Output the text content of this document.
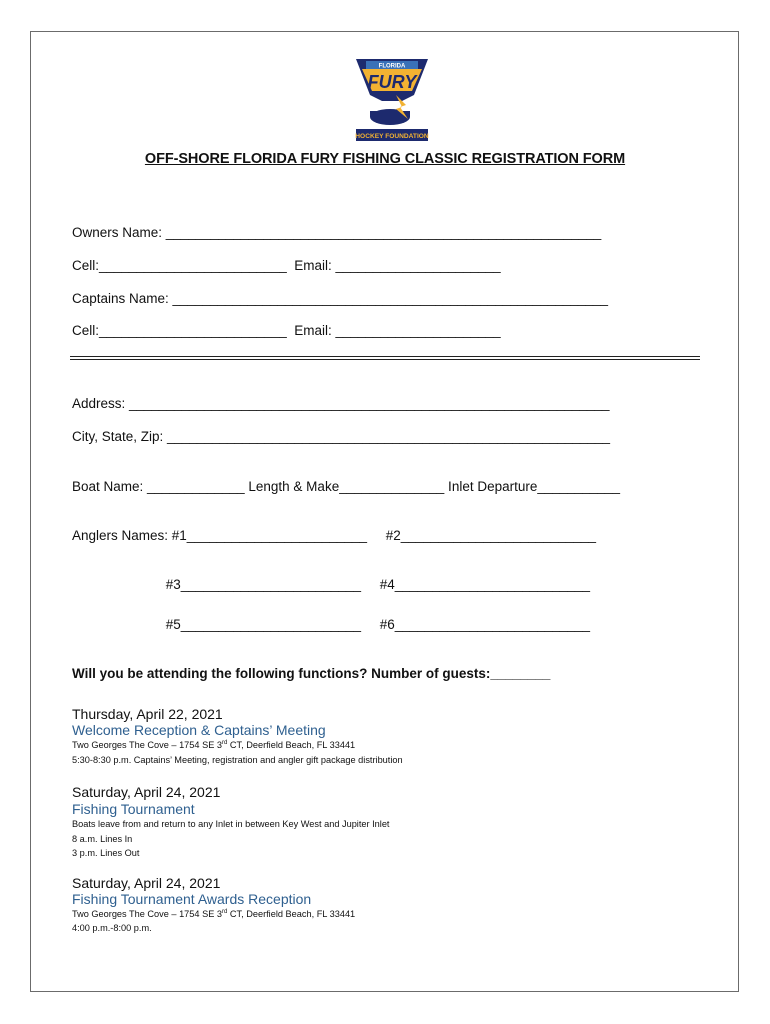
FLORIDA
FURY
HOCKEY FOUNDATION
OFF-SHORE FLORIDA FURY FISHING CLASSIC REGISTRATION FORM
Owners Name: __________________________________________________________
Cell:_________________________  Email: ______________________
Captains Name: __________________________________________________________
Cell:_________________________  Email: ______________________
Address: ________________________________________________________________
City, State, Zip: ___________________________________________________________
Boat Name: _____________ Length & Make______________ Inlet Departure___________
Anglers Names: #1________________________     #2__________________________
#3________________________     #4__________________________
#5________________________     #6__________________________
Will you be attending the following functions? Number of guests:________
Thursday, April 22, 2021
Welcome Reception & Captains’ Meeting
Two Georges The Cove – 1754 SE 3rd CT, Deerfield Beach, FL 33441
5:30-8:30 p.m. Captains’ Meeting, registration and angler gift package distribution
Saturday, April 24, 2021
Fishing Tournament
Boats leave from and return to any Inlet in between Key West and Jupiter Inlet
8 a.m. Lines In
3 p.m. Lines Out
Saturday, April 24, 2021
Fishing Tournament Awards Reception
Two Georges The Cove – 1754 SE 3rd CT, Deerfield Beach, FL 33441
4:00 p.m.-8:00 p.m.
